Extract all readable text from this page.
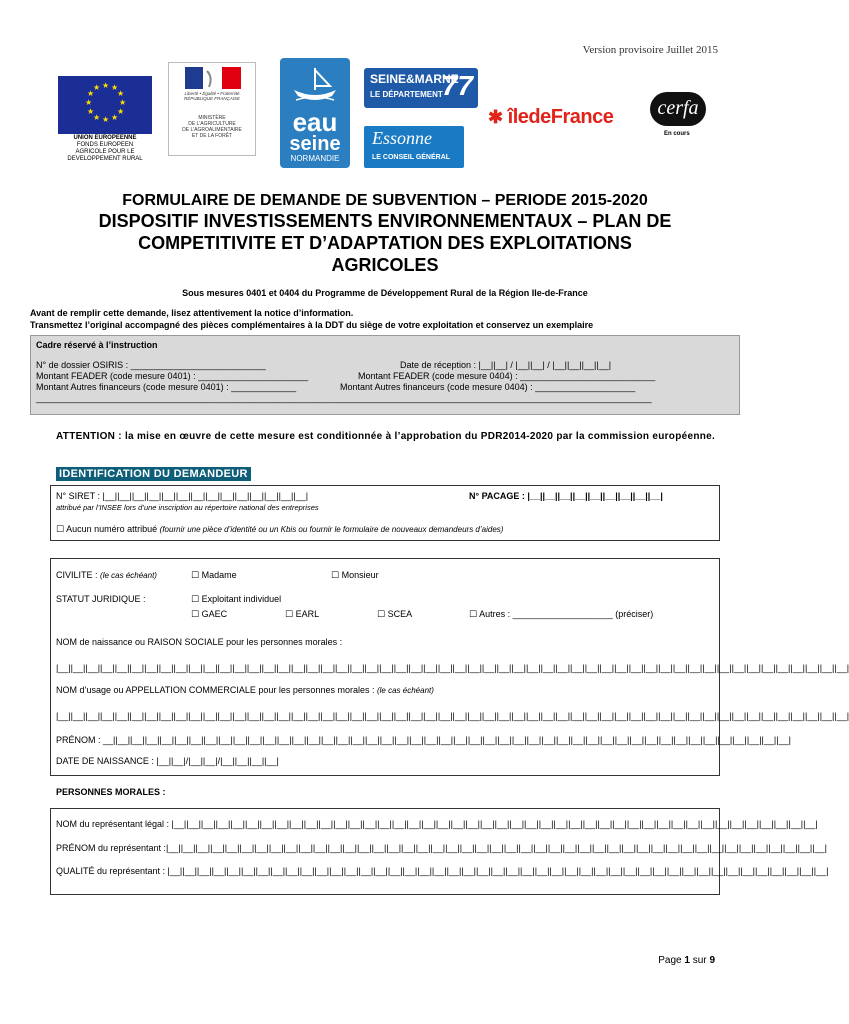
Version provisoire Juillet 2015
★ ★
★
★
★
★
★
★
★
★
★
★
UNION EUROPEENNE
FONDS EUROPEEN
AGRICOLE POUR LE
DEVELOPPEMENT RURAL
Liberté • Égalité • Fraternité
RÉPUBLIQUE FRANÇAISE
MINISTÈRE
DE L'AGRICULTURE
DE L'AGROALIMENTAIRE
ET DE LA FORÊT	eau
seine
NORMANDIE
SEINE&MARNE
LE DÉPARTEMENT 77
Essonne
LE CONSEIL GÉNÉRAL
✱ îledeFrance	cerfa
En cours
FORMULAIRE DE DEMANDE DE SUBVENTION – PERIODE 2015-2020
DISPOSITIF INVESTISSEMENTS ENVIRONNEMENTAUX – PLAN DE
COMPETITIVITE ET D’ADAPTATION DES EXPLOITATIONS
AGRICOLES
Sous mesures 0401 et 0404 du Programme de Développement Rural de la Région Ile-de-France
Avant de remplir cette demande, lisez attentivement la notice d’information.
Transmettez l’original accompagné des pièces complémentaires à la DDT du siège de votre exploitation et conservez un exemplaire
Cadre réservé à l’instruction
N° de dossier OSIRIS : ___________________________	Date de réception : |__||__| / |__||__| / |__||__||__||__|
Montant FEADER (code mesure 0401) : ______________________	Montant FEADER (code mesure 0404) : ___________________________
Montant Autres financeurs (code mesure 0401) : _____________	Montant Autres financeurs (code mesure 0404) : ____________________
___________________________________________________________________________________________________________________________
ATTENTION : la mise en œuvre de cette mesure est conditionnée à l’approbation du PDR2014-2020 par la commission européenne.
IDENTIFICATION DU DEMANDEUR
N° SIRET : |__||__||__||__||__||__||__||__||__||__||__||__||__||__|	N° PACAGE : |__||__||__||__||__||__||__||__||__|
attribué par l’INSEE lors d’une inscription au répertoire national des entreprises
☐ Aucun numéro attribué (fournir une pièce d’identité ou un Kbis ou fournir le formulaire de nouveaux demandeurs d’aides)
CIVILITE : (le cas échéant)	☐ Madame	☐ Monsieur
STATUT JURIDIQUE :	☐ Exploitant individuel
☐ GAEC	☐ EARL	☐ SCEA	☐ Autres : ____________________ (préciser)
NOM de naissance ou RAISON SOCIALE pour les personnes morales :
|__||__||__||__||__||__||__||__||__||__||__||__||__||__||__||__||__||__||__||__||__||__||__||__||__||__||__||__||__||__||__||__||__||__||__||__||__||__||__||__||__||__||__||__||__||__||__||__||__||__||__||__||__||__|
NOM d’usage ou APPELLATION COMMERCIALE pour les personnes morales : (le cas échéant)
|__||__||__||__||__||__||__||__||__||__||__||__||__||__||__||__||__||__||__||__||__||__||__||__||__||__||__||__||__||__||__||__||__||__||__||__||__||__||__||__||__||__||__||__||__||__||__||__||__||__||__||__||__||__|
PRÉNOM : __||__||__||__||__||__||__||__||__||__||__||__||__||__||__||__||__||__||__||__||__||__||__||__||__||__||__||__||__||__||__||__||__||__||__||__||__||__||__||__||__||__||__||__||__||__||__|
DATE DE NAISSANCE : |__||__|/|__||__|/|__||__||__||__|
PERSONNES MORALES :
NOM du représentant légal : |__||__||__||__||__||__||__||__||__||__||__||__||__||__||__||__||__||__||__||__||__||__||__||__||__||__||__||__||__||__||__||__||__||__||__||__||__||__||__||__||__||__||__||__|
PRÉNOM du représentant :|__||__||__||__||__||__||__||__||__||__||__||__||__||__||__||__||__||__||__||__||__||__||__||__||__||__||__||__||__||__||__||__||__||__||__||__||__||__||__||__||__||__||__||__||__|
QUALITÉ du représentant : |__||__||__||__||__||__||__||__||__||__||__||__||__||__||__||__||__||__||__||__||__||__||__||__||__||__||__||__||__||__||__||__||__||__||__||__||__||__||__||__||__||__||__||__||__|
Page 1 sur 9
